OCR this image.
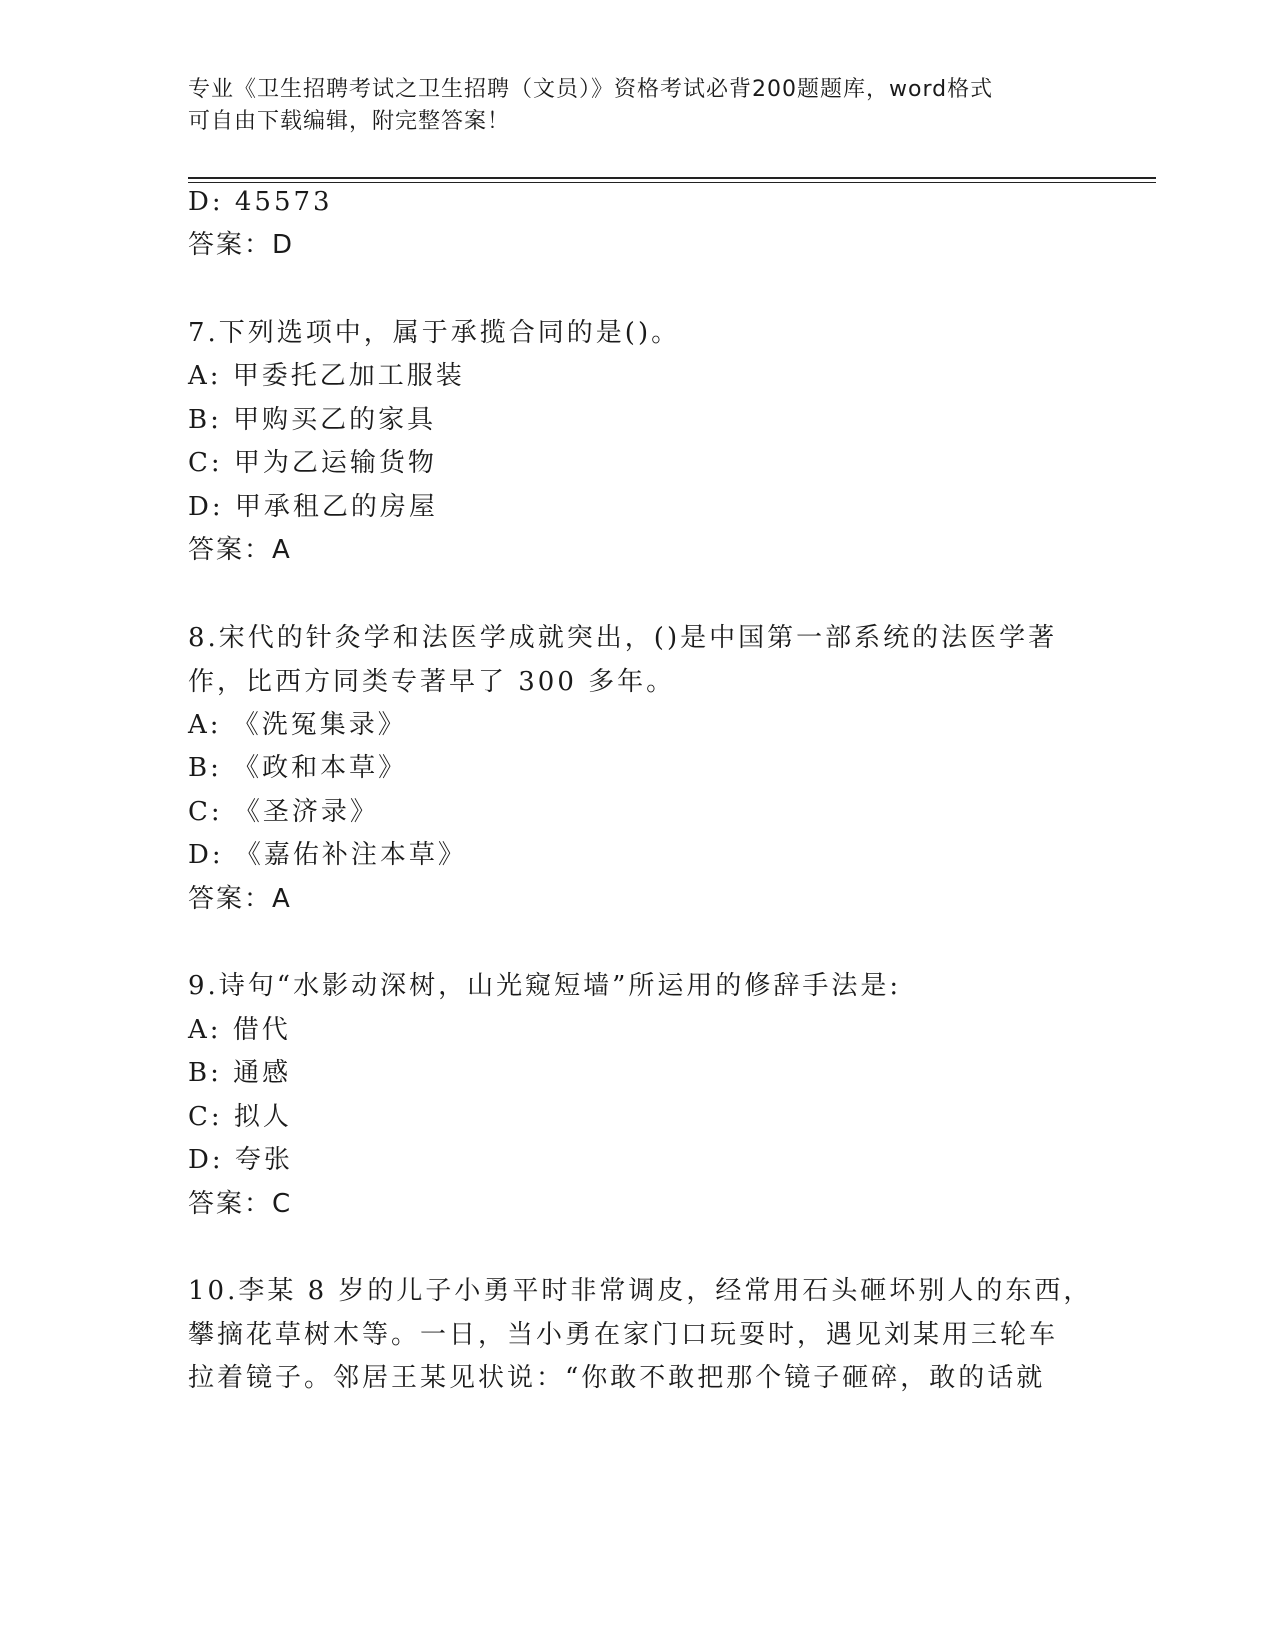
专业《卫生招聘考试之卫生招聘（文员）》资格考试必背200题题库，word格式
可自由下载编辑，附完整答案！
D: 45573
答案：D
7.下列选项中，属于承揽合同的是()。
A: 甲委托乙加工服装
B: 甲购买乙的家具
C: 甲为乙运输货物
D: 甲承租乙的房屋
答案：A
8.宋代的针灸学和法医学成就突出，()是中国第一部系统的法医学著
作，比西方同类专著早了 300 多年。
A: 《洗冤集录》
B: 《政和本草》
C: 《圣济录》
D: 《嘉佑补注本草》
答案：A
9.诗句“水影动深树，山光窥短墙”所运用的修辞手法是:
A: 借代
B: 通感
C: 拟人
D: 夸张
答案：C
10.李某 8 岁的儿子小勇平时非常调皮，经常用石头砸坏别人的东西，
攀摘花草树木等。一日，当小勇在家门口玩耍时，遇见刘某用三轮车
拉着镜子。邻居王某见状说：“你敢不敢把那个镜子砸碎，敢的话就
